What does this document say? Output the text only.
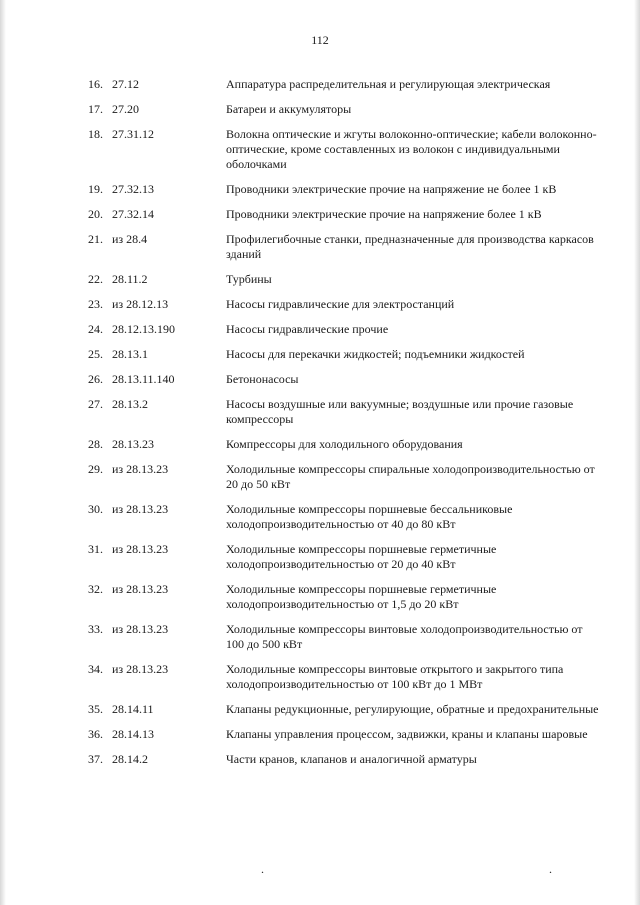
112
16. 27.12	Аппаратура распределительная и регулирующая электрическая
17. 27.20	Батареи и аккумуляторы
18. 27.31.12	Волокна оптические и жгуты волоконно-оптические; кабели волоконно-оптические, кроме составленных из волокон с индивидуальными оболочками
19. 27.32.13	Проводники электрические прочие на напряжение не более 1 кВ
20. 27.32.14	Проводники электрические прочие на напряжение более 1 кВ
21. из 28.4	Профилегибочные станки, предназначенные для производства каркасов зданий
22. 28.11.2	Турбины
23. из 28.12.13	Насосы гидравлические для электростанций
24. 28.12.13.190	Насосы гидравлические прочие
25. 28.13.1	Насосы для перекачки жидкостей; подъемники жидкостей
26. 28.13.11.140	Бетононасосы
27. 28.13.2	Насосы воздушные или вакуумные; воздушные или прочие газовые компрессоры
28. 28.13.23	Компрессоры для холодильного оборудования
29. из 28.13.23	Холодильные компрессоры спиральные холодопроизводительностью от 20 до 50 кВт
30. из 28.13.23	Холодильные компрессоры поршневые бессальниковые холодопроизводительностью от 40 до 80 кВт
31. из 28.13.23	Холодильные компрессоры поршневые герметичные холодопроизводительностью от 20 до 40 кВт
32. из 28.13.23	Холодильные компрессоры поршневые герметичные холодопроизводительностью от 1,5 до 20 кВт
33. из 28.13.23	Холодильные компрессоры винтовые холодопроизводительностью от 100 до 500 кВт
34. из 28.13.23	Холодильные компрессоры винтовые открытого и закрытого типа холодопроизводительностью от 100 кВт до 1 МВт
35. 28.14.11	Клапаны редукционные, регулирующие, обратные и предохранительные
36. 28.14.13	Клапаны управления процессом, задвижки, краны и клапаны шаровые
37. 28.14.2	Части кранов, клапанов и аналогичной арматуры
.	.
